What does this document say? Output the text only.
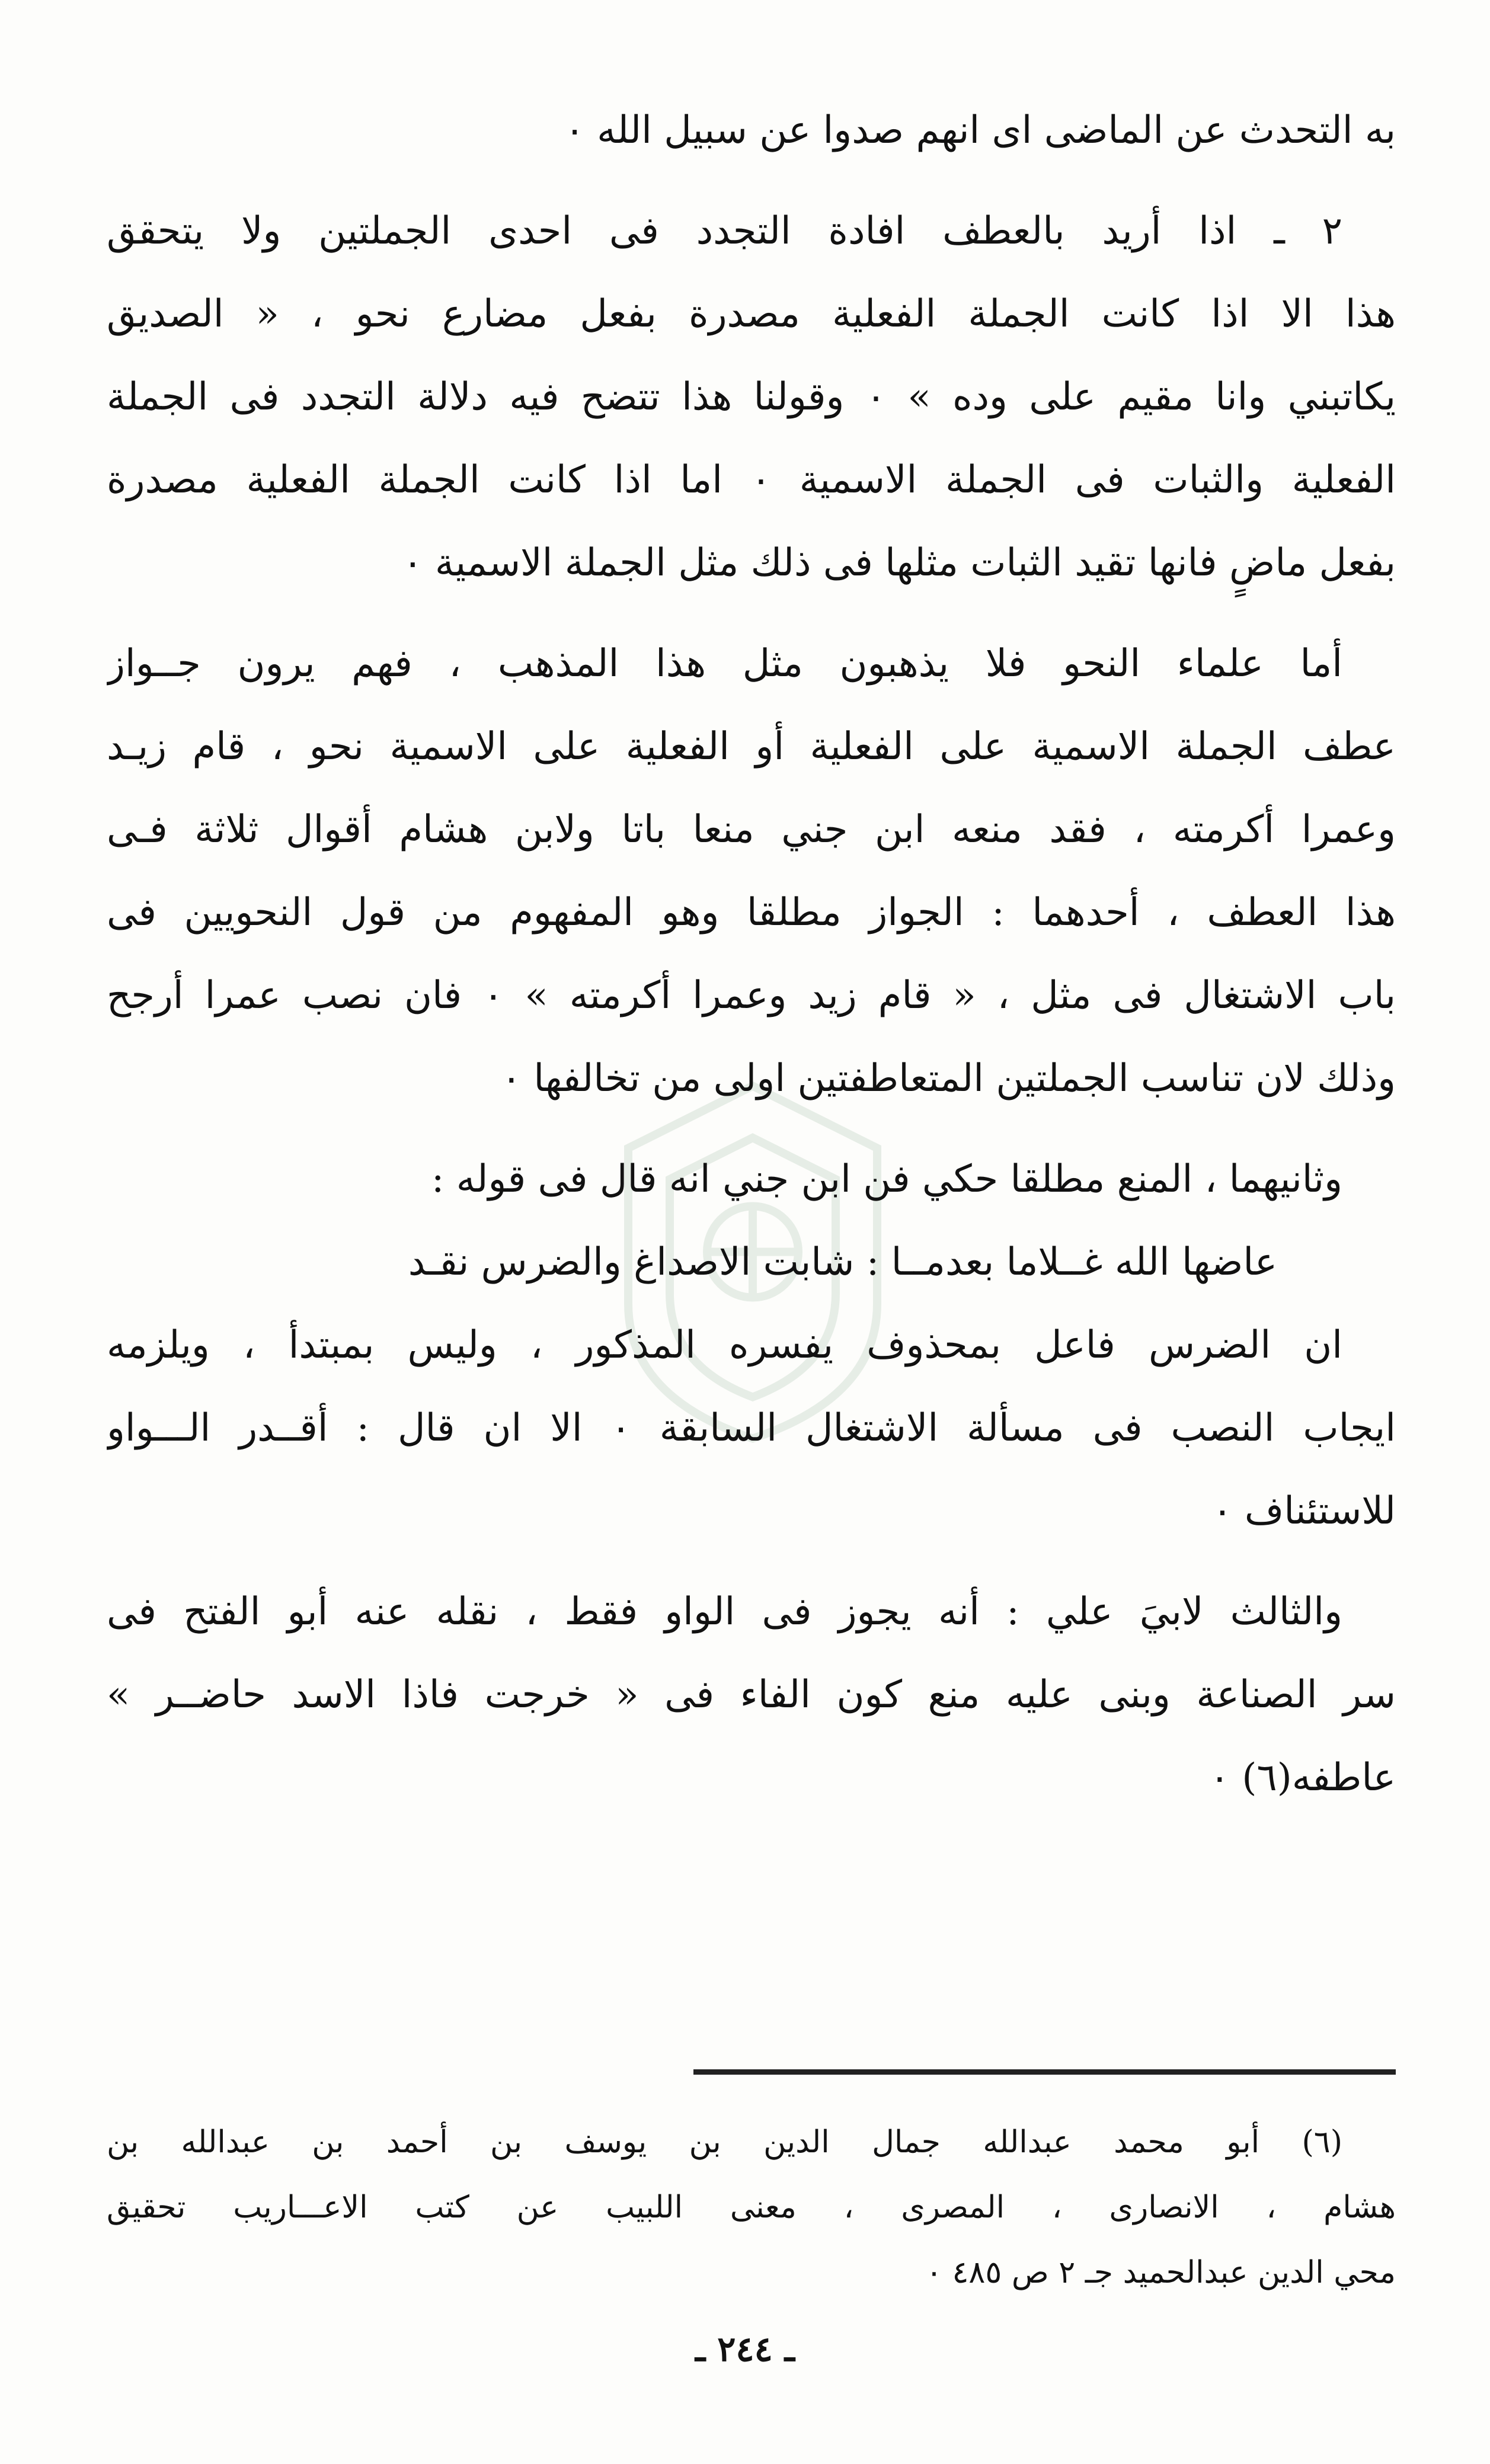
به التحدث عن الماضى اى انهم صدوا عن سبيل الله ٠
٢ ـ اذا أريد بالعطف افادة التجدد فى احدى الجملتين ولا يتحقق
هذا الا اذا كانت الجملة الفعلية مصدرة بفعل مضارع نحو ، « الصديق
يكاتبني وانا مقيم على وده » ٠ وقولنا هذا تتضح فيه دلالة التجدد فى الجملة
الفعلية والثبات فى الجملة الاسمية ٠ اما اذا كانت الجملة الفعلية مصدرة
بفعل ماضٍ فانها تقيد الثبات مثلها فى ذلك مثل الجملة الاسمية ٠
أما علماء النحو فلا يذهبون مثل هذا المذهب ، فهم يرون جــواز
عطف الجملة الاسمية على الفعلية أو الفعلية على الاسمية نحو ، قام زيـد
وعمرا أكرمته ، فقد منعه ابن جني منعا باتا ولابن هشام أقوال ثلاثة فـى
هذا العطف ، أحدهما : الجواز مطلقا وهو المفهوم من قول النحويين فى
باب الاشتغال فى مثل ، « قام زيد وعمرا أكرمته » ٠ فان نصب عمرا أرجح
وذلك لان تناسب الجملتين المتعاطفتين اولى من تخالفها ٠
وثانيهما ، المنع مطلقا حكي فن ابن جني انه قال فى قوله :
عاضها الله غــلاما بعدمــا : شابت الاصداغ والضرس نقـد
ان الضرس فاعل بمحذوف يفسره المذكور ، وليس بمبتدأ ، ويلزمه
ايجاب النصب فى مسألة الاشتغال السابقة ٠ الا ان قال : أقــدر الـــواو
للاستئناف ٠
والثالث لابيَ علي : أنه يجوز فى الواو فقط ، نقله عنه أبو الفتح فى
سر الصناعة وبنى عليه منع كون الفاء فى « خرجت فاذا الاسد حاضــر »
عاطفه(٦) ٠
(٦) أبو محمد عبدالله جمال الدين بن يوسف بن أحمد بن عبدالله بن
هشام ، الانصارى ، المصرى ، معنى اللبيب عن كتب الاعـــاريب تحقيق
محي الدين عبدالحميد جـ ٢ ص ٤٨٥ ٠
ـ ٢٤٤ ـ
